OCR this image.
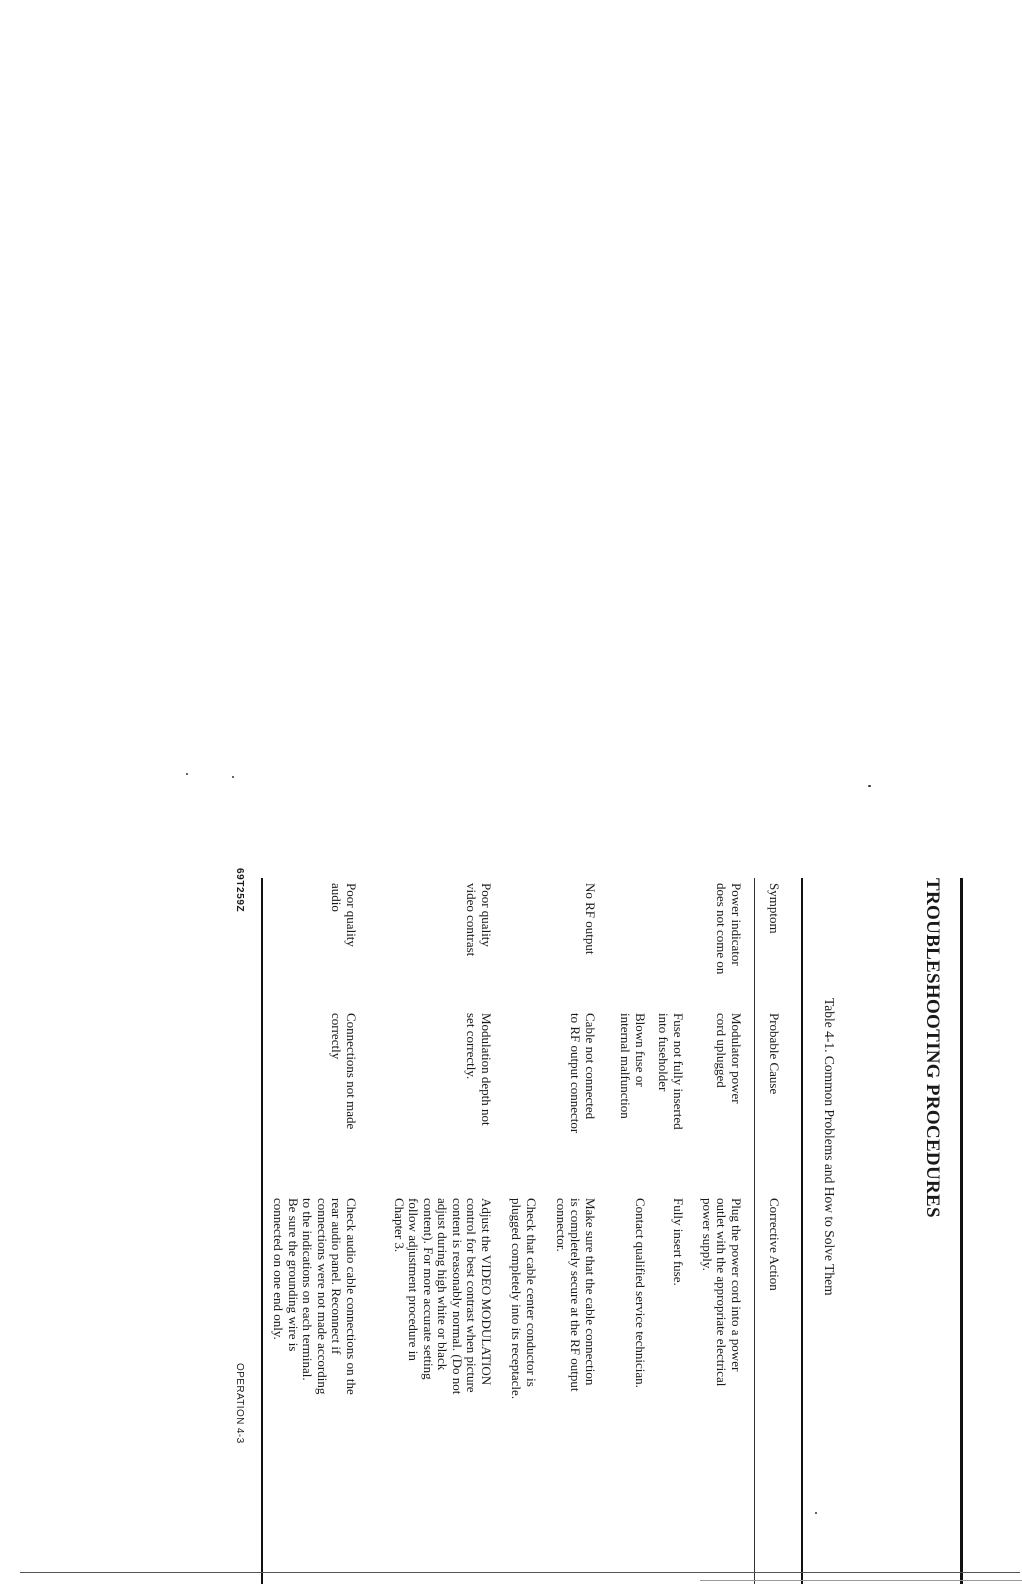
TROUBLESHOOTING PROCEDURES
Table 4-1. Common Problems and How to Solve Them
Symptom
Probable Cause
Corrective Action
Power indicator
does not come on
Modulator power
cord uplugged
Plug the power cord into a power
outlet with the appropriate electrical
power supply.
Fuse not fully inserted
into fuseholder
Fully insert fuse.
Blown fuse or
internal malfunction
Contact qualified service technician.
No RF output
Cable not connected
to RF output connector
Make sure that the cable connection
is completely secure at the RF output
connector.
Check that cable center conductor is
plugged completely into its receptacle.
Poor quality
video contrast
Modulation depth not
set correctly.
Adjust the VIDEO MODULATION
control for best contrast when picture
content is reasonably normal. (Do not
adjust during high white or black
content). For more accurate setting
follow adjustment procedure in
Chapter 3.
Poor quality
audio
Connections not made
correctly
Check audio cable connections on the
rear audio panel. Reconnect if
connections were not made according
to the indications on each terminal.
Be sure the grounding wire is
connected on one end only.
OPERATION 4-3
69T259Z
